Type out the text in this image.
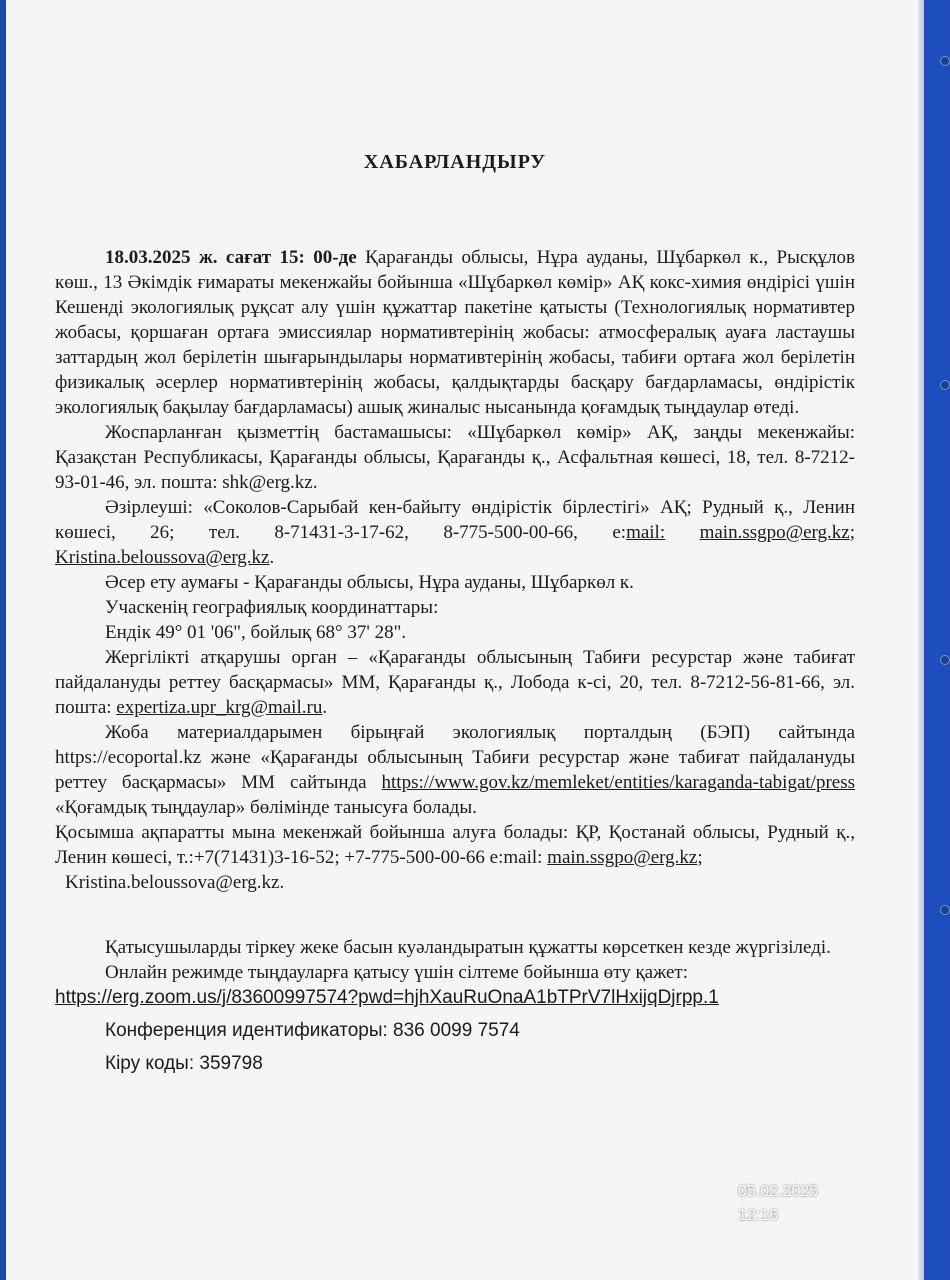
ХАБАРЛАНДЫРУ

18.03.2025 ж. сағат 15: 00-де Қарағанды облысы, Нұра ауданы, Шұбаркөл к., Рысқұлов көш., 13 Әкімдік ғимараты мекенжайы бойынша «Шұбаркөл көмір» АҚ кокс-химия өндірісі үшін Кешенді экологиялық рұқсат алу үшін құжаттар пакетіне қатысты (Технологиялық нормативтер жобасы, қоршаған ортаға эмиссиялар нормативтерінің жобасы: атмосфералық ауаға ластаушы заттардың жол берілетін шығарындылары нормативтерінің жобасы, табиғи ортаға жол берілетін физикалық әсерлер нормативтерінің жобасы, қалдықтарды басқару бағдарламасы, өндірістік экологиялық бақылау бағдарламасы) ашық жиналыс нысанында қоғамдық тыңдаулар өтеді.

Жоспарланған қызметтің бастамашысы: «Шұбаркөл көмір» АҚ, заңды мекенжайы: Қазақстан Республикасы, Қарағанды облысы, Қарағанды қ., Асфальтная көшесі, 18, тел. 8-7212-93-01-46, эл. пошта: shk@erg.kz.

Әзірлеуші: «Соколов-Сарыбай кен-байыту өндірістік бірлестігі» АҚ; Рудный қ., Ленин көшесі, 26; тел. 8-71431-3-17-62, 8-775-500-00-66, e:mail: main.ssgpo@erg.kz; Kristina.beloussova@erg.kz.

Әсер ету аумағы - Қарағанды облысы, Нұра ауданы, Шұбаркөл к.

Учаскенің географиялық координаттары:

Ендік 49° 01 '06", бойлық 68° 37' 28".

Жергілікті атқарушы орган – «Қарағанды облысының Табиғи ресурстар және табиғат пайдалануды реттеу басқармасы» ММ, Қарағанды қ., Лобода к-сі, 20, тел. 8-7212-56-81-66, эл. пошта: expertiza.upr_krg@mail.ru.

Жоба материалдарымен бірыңғай экологиялық порталдың (БЭП) сайтында https://ecoportal.kz және «Қарағанды облысының Табиғи ресурстар және табиғат пайдалануды реттеу басқармасы» ММ сайтында https://www.gov.kz/memleket/entities/karaganda-tabigat/press «Қоғамдық тыңдаулар» бөлімінде танысуға болады.

Қосымша ақпаратты мына мекенжай бойынша алуға болады: ҚР, Қостанай облысы, Рудный қ., Ленин көшесі, т.:+7(71431)3-16-52; +7-775-500-00-66 e:mail: main.ssgpo@erg.kz;

Kristina.beloussova@erg.kz.

Қатысушыларды тіркеу жеке басын куәландыратын құжатты көрсеткен кезде жүргізіледі.

Онлайн режимде тыңдауларға қатысу үшін сілтеме бойынша өту қажет:

https://erg.zoom.us/j/83600997574?pwd=hjhXauRuOnaA1bTPrV7lHxijqDjrpp.1

Конференция идентификаторы: 836 0099 7574

Кіру коды: 359798

05.02.2025
12:16
